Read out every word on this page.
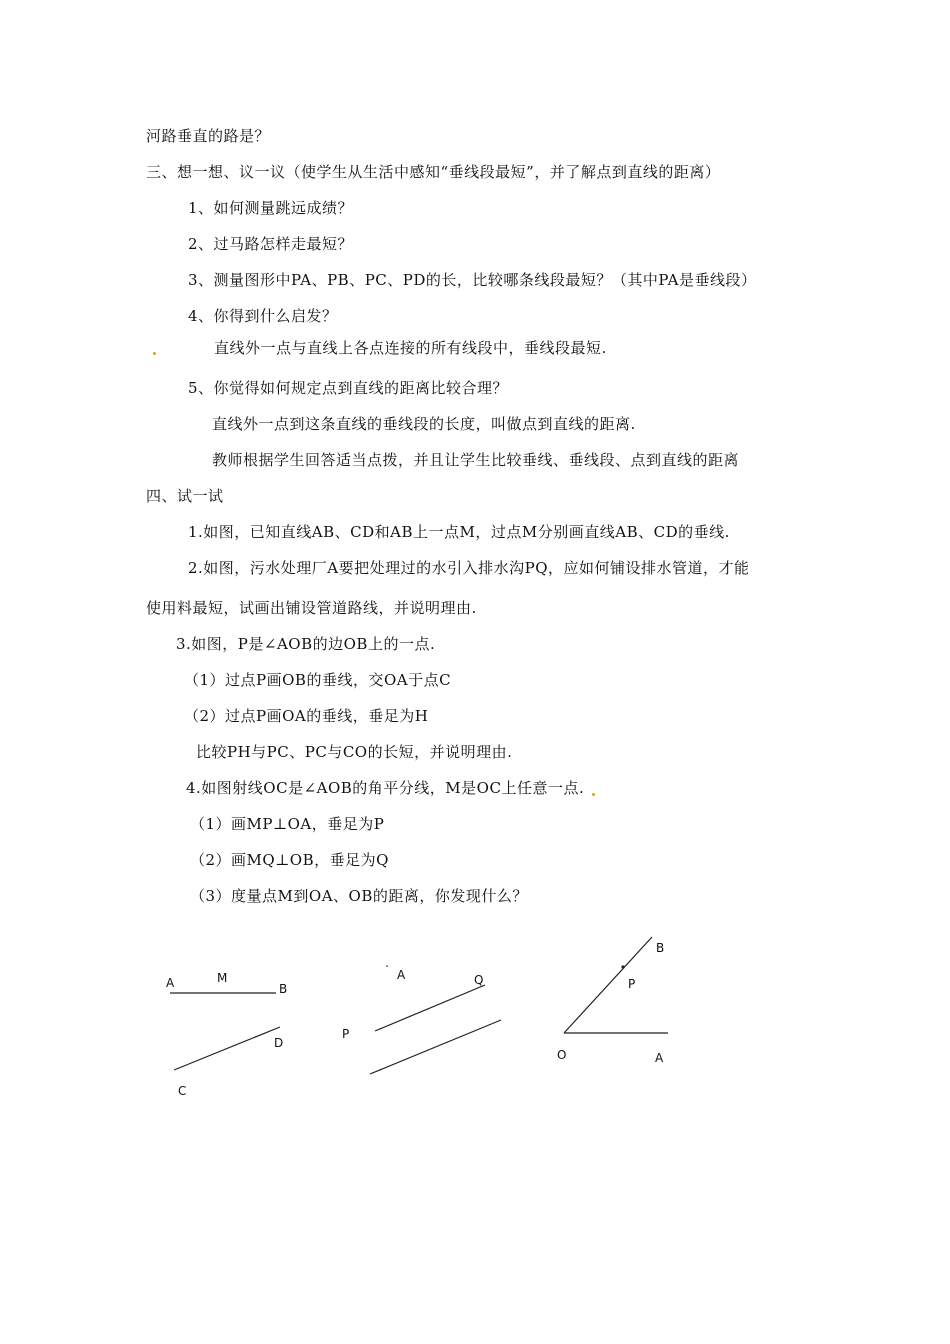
河路垂直的路是？
三、想一想、议一议（使学生从生活中感知“垂线段最短”，并了解点到直线的距离）
1、如何测量跳远成绩？
2、过马路怎样走最短？
3、测量图形中PA、PB、PC、PD的长，比较哪条线段最短？（其中PA是垂线段）
4、你得到什么启发？
直线外一点与直线上各点连接的所有线段中，垂线段最短.
5、你觉得如何规定点到直线的距离比较合理？
直线外一点到这条直线的垂线段的长度，叫做点到直线的距离.
教师根据学生回答适当点拨，并且让学生比较垂线、垂线段、点到直线的距离
四、试一试
1.如图，已知直线AB、CD和AB上一点M，过点M分别画直线AB、CD的垂线.
2.如图，污水处理厂A要把处理过的水引入排水沟PQ，应如何铺设排水管道，才能
使用料最短，试画出铺设管道路线，并说明理由.
3.如图，P是∠AOB的边OB上的一点.
（1）过点P画OB的垂线，交OA于点C
（2）过点P画OA的垂线，垂足为H
比较PH与PC、PC与CO的长短，并说明理由.
4.如图射线OC是∠AOB的角平分线，M是OC上任意一点.
（1）画MP⊥OA，垂足为P
（2）画MQ⊥OB，垂足为Q
（3）度量点M到OA、OB的距离，你发现什么？
A	M
B
D
C
A	Q
P
B
P
O	A
